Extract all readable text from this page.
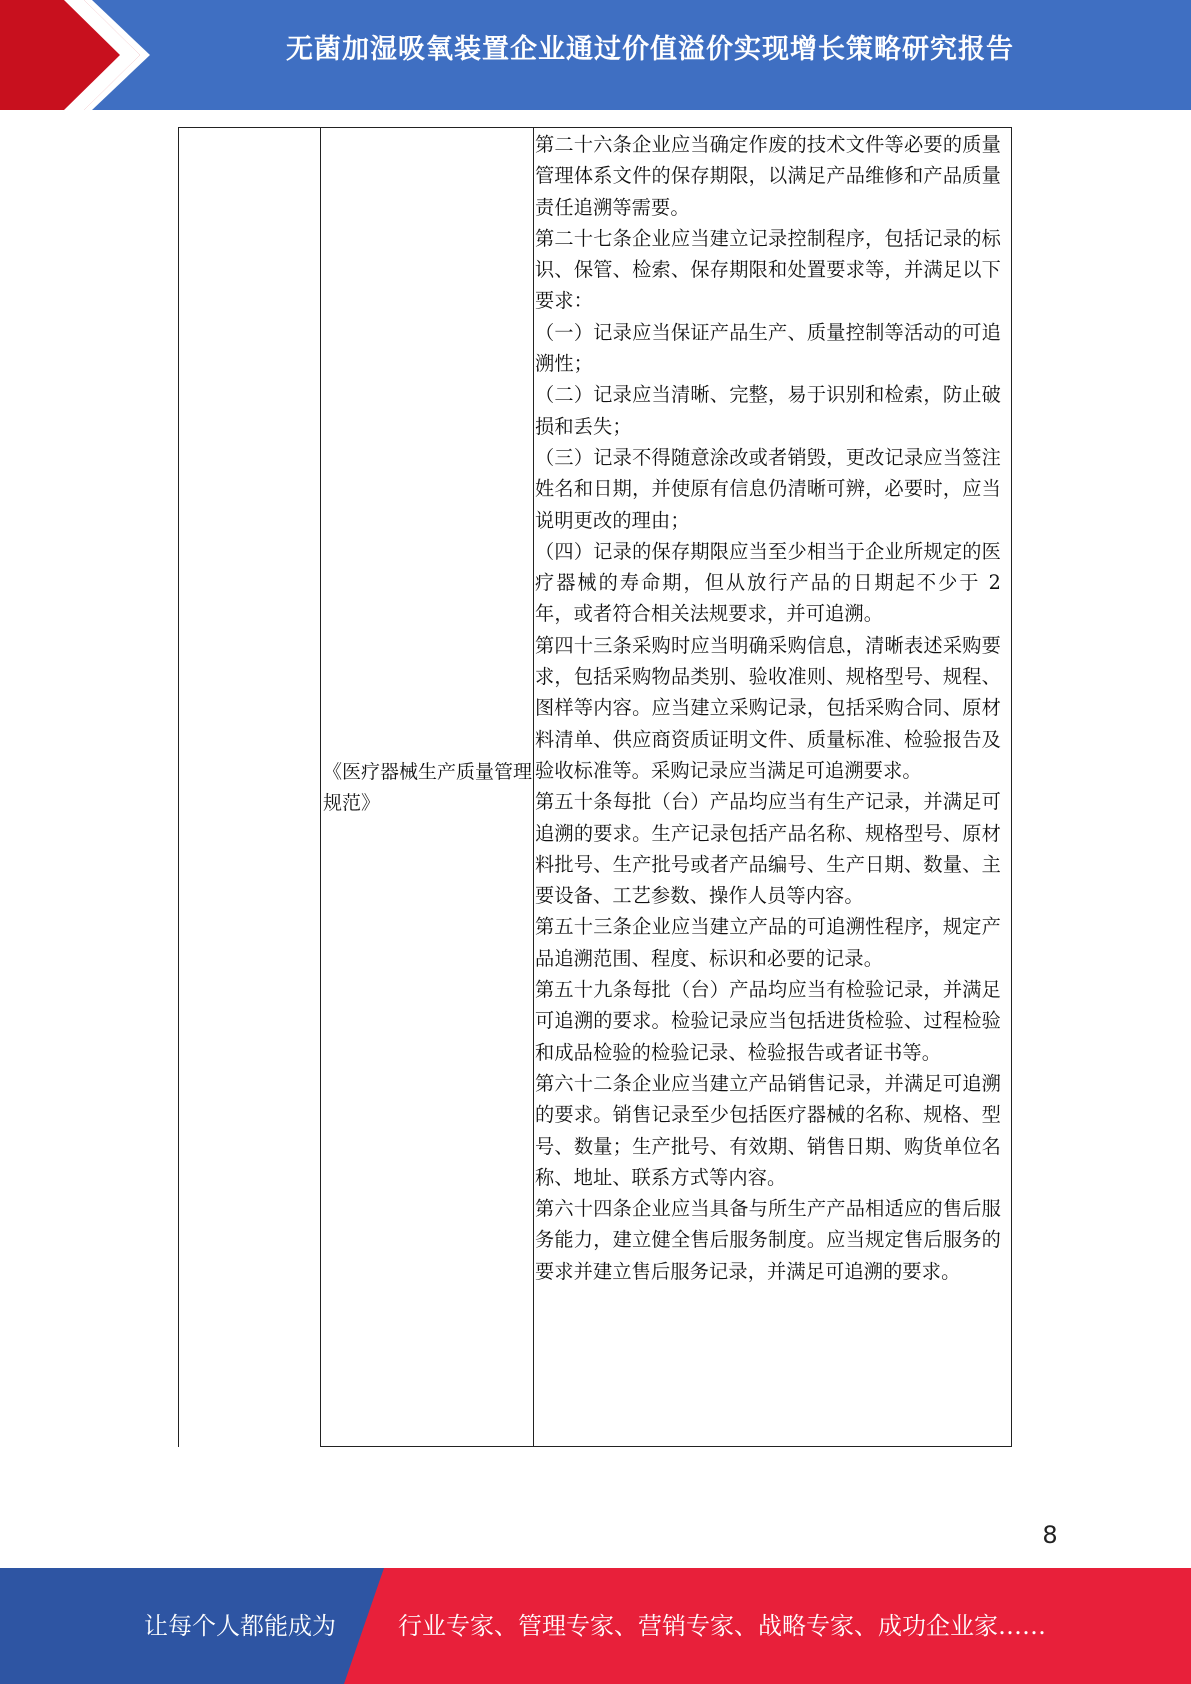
无菌加湿吸氧装置企业通过价值溢价实现增长策略研究报告
《医疗器械生产质量管理规范》

第二十六条企业应当确定作废的技术文件等必要的质量管理体系文件的保存期限，以满足产品维修和产品质量责任追溯等需要。

第二十七条企业应当建立记录控制程序，包括记录的标识、保管、检索、保存期限和处置要求等，并满足以下要求：

（一）记录应当保证产品生产、质量控制等活动的可追溯性；

（二）记录应当清晰、完整，易于识别和检索，防止破损和丢失；

（三）记录不得随意涂改或者销毁，更改记录应当签注姓名和日期，并使原有信息仍清晰可辨，必要时，应当说明更改的理由；

（四）记录的保存期限应当至少相当于企业所规定的医疗器械的寿命期，但从放行产品的日期起不少于 2 年，或者符合相关法规要求，并可追溯。

第四十三条采购时应当明确采购信息，清晰表述采购要求，包括采购物品类别、验收准则、规格型号、规程、图样等内容。应当建立采购记录，包括采购合同、原材料清单、供应商资质证明文件、质量标准、检验报告及验收标准等。采购记录应当满足可追溯要求。

第五十条每批（台）产品均应当有生产记录，并满足可追溯的要求。生产记录包括产品名称、规格型号、原材料批号、生产批号或者产品编号、生产日期、数量、主要设备、工艺参数、操作人员等内容。

第五十三条企业应当建立产品的可追溯性程序，规定产品追溯范围、程度、标识和必要的记录。

第五十九条每批（台）产品均应当有检验记录，并满足可追溯的要求。检验记录应当包括进货检验、过程检验和成品检验的检验记录、检验报告或者证书等。

第六十二条企业应当建立产品销售记录，并满足可追溯的要求。销售记录至少包括医疗器械的名称、规格、型号、数量；生产批号、有效期、销售日期、购货单位名称、地址、联系方式等内容。

第六十四条企业应当具备与所生产产品相适应的售后服务能力，建立健全售后服务制度。应当规定售后服务的要求并建立售后服务记录，并满足可追溯的要求。

8
让每个人都能成为	行业专家、管理专家、营销专家、战略专家、成功企业家……
